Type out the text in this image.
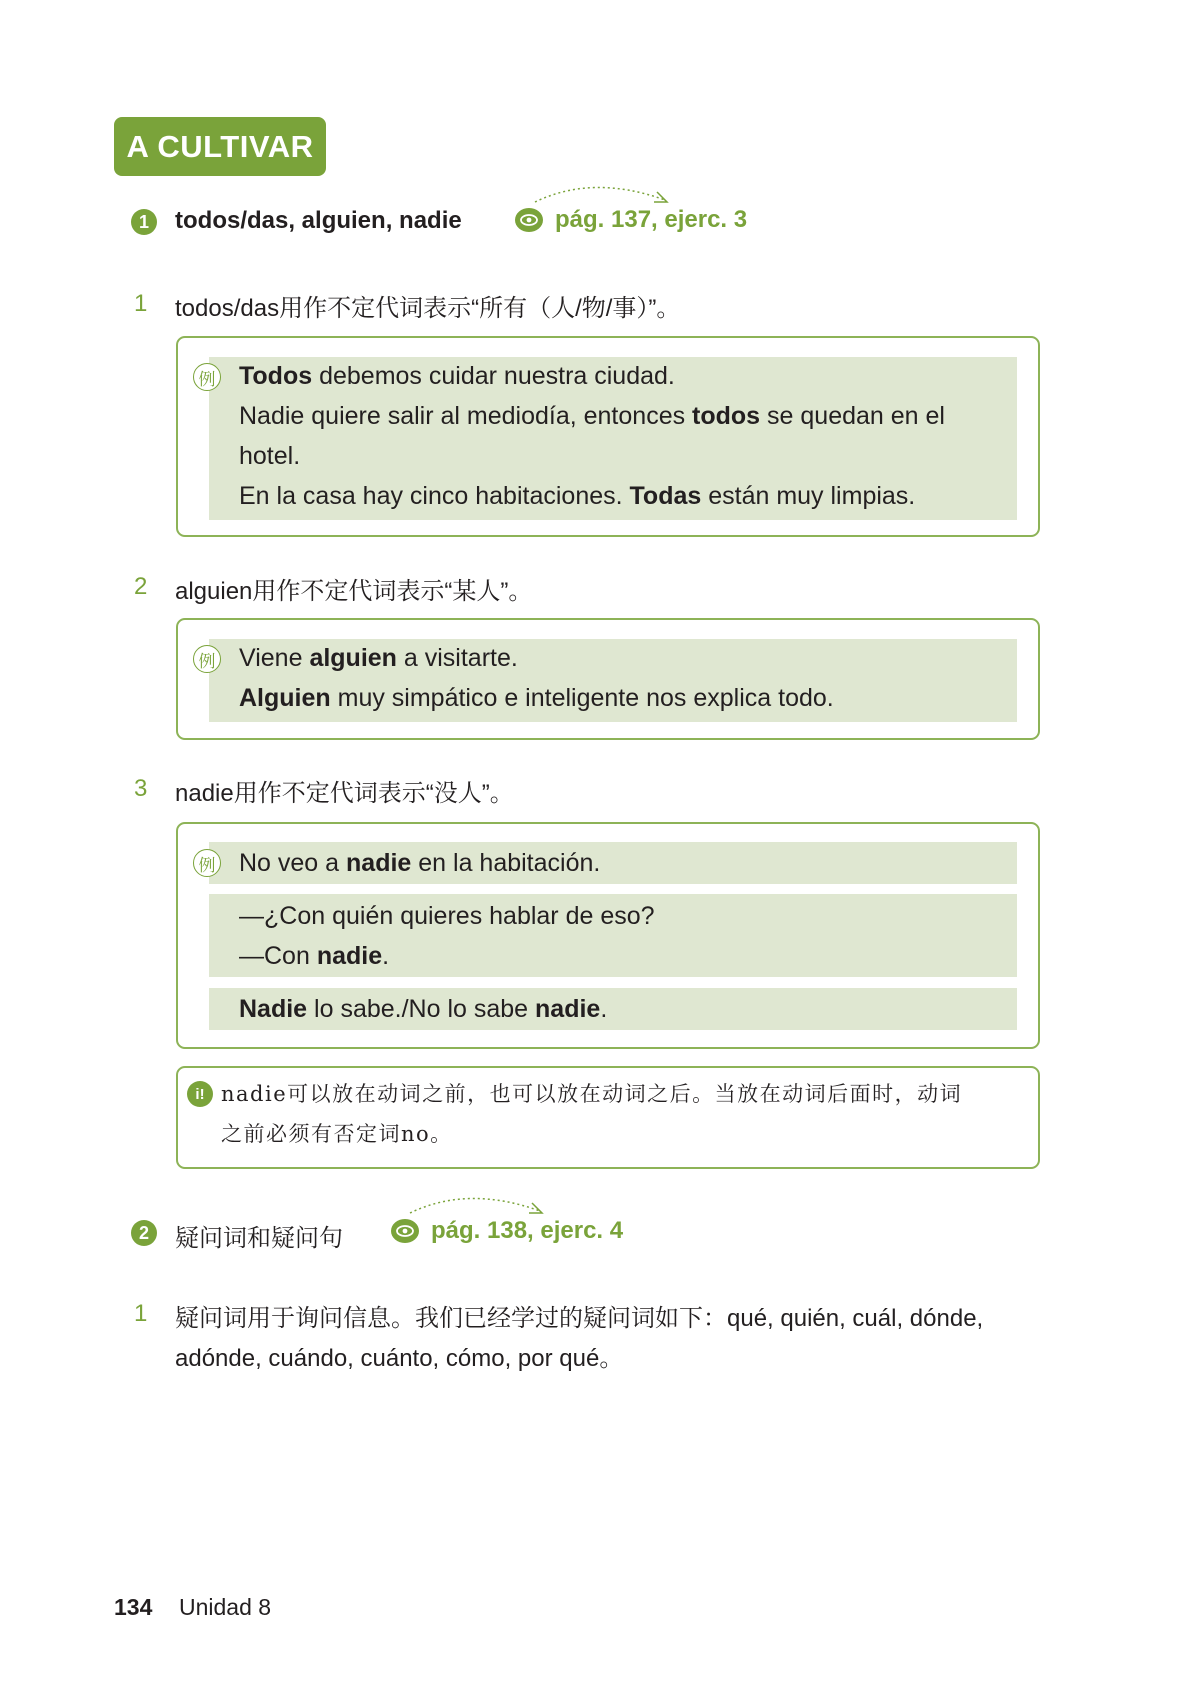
A CULTIVAR
1	todos/das, alguien, nadie	pág. 137, ejerc. 3
1 todos/das用作不定代词表示“所有（人/物/事）”。
例 Todos debemos cuidar nuestra ciudad.
Nadie quiere salir al mediodía, entonces todos se quedan en el
hotel.
En la casa hay cinco habitaciones. Todas están muy limpias.
2 alguien用作不定代词表示“某人”。
例 Viene alguien a visitarte.
Alguien muy simpático e inteligente nos explica todo.
3 nadie用作不定代词表示“没人”。
例 No veo a nadie en la habitación.
—¿Con quién quieres hablar de eso?
—Con nadie.
Nadie lo sabe./No lo sabe nadie.
i! nadie可以放在动词之前，也可以放在动词之后。当放在动词后面时，动词
之前必须有否定词no。
2	疑问词和疑问句	pág. 138, ejerc. 4
1 疑问词用于询问信息。我们已经学过的疑问词如下：qué, quién, cuál, dónde,
adónde, cuándo, cuánto, cómo, por qué。
134 Unidad 8
